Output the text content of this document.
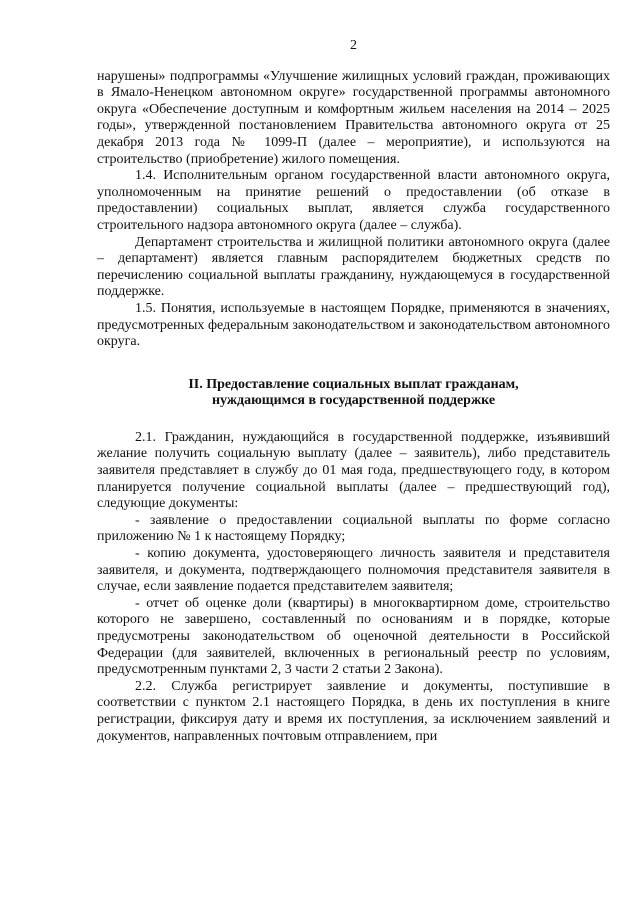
2

нарушены» подпрограммы «Улучшение жилищных условий граждан, проживающих в Ямало-Ненецком автономном округе» государственной программы автономного округа «Обеспечение доступным и комфортным жильем населения на 2014 – 2025 годы», утвержденной постановлением Правительства автономного округа от 25 декабря 2013 года № 1099-П (далее – мероприятие), и используются на строительство (приобретение) жилого помещения.

1.4. Исполнительным органом государственной власти автономного округа, уполномоченным на принятие решений о предоставлении (об отказе в предоставлении) социальных выплат, является служба государственного строительного надзора автономного округа (далее – служба).

Департамент строительства и жилищной политики автономного округа (далее – департамент) является главным распорядителем бюджетных средств по перечислению социальной выплаты гражданину, нуждающемуся в государственной поддержке.

1.5. Понятия, используемые в настоящем Порядке, применяются в значениях, предусмотренных федеральным законодательством и законодательством автономного округа.

II. Предоставление социальных выплат гражданам,
нуждающимся в государственной поддержке

2.1. Гражданин, нуждающийся в государственной поддержке, изъявивший желание получить социальную выплату (далее – заявитель), либо представитель заявителя представляет в службу до 01 мая года, предшествующего году, в котором планируется получение социальной выплаты (далее – предшествующий год), следующие документы:

- заявление о предоставлении социальной выплаты по форме согласно приложению № 1 к настоящему Порядку;

- копию документа, удостоверяющего личность заявителя и представителя заявителя, и документа, подтверждающего полномочия представителя заявителя в случае, если заявление подается представителем заявителя;

- отчет об оценке доли (квартиры) в многоквартирном доме, строительство которого не завершено, составленный по основаниям и в порядке, которые предусмотрены законодательством об оценочной деятельности в Российской Федерации (для заявителей, включенных в региональный реестр по условиям, предусмотренным пунктами 2, 3 части 2 статьи 2 Закона).

2.2. Служба регистрирует заявление и документы, поступившие в соответствии с пунктом 2.1 настоящего Порядка, в день их поступления в книге регистрации, фиксируя дату и время их поступления, за исключением заявлений и документов, направленных почтовым отправлением, при
